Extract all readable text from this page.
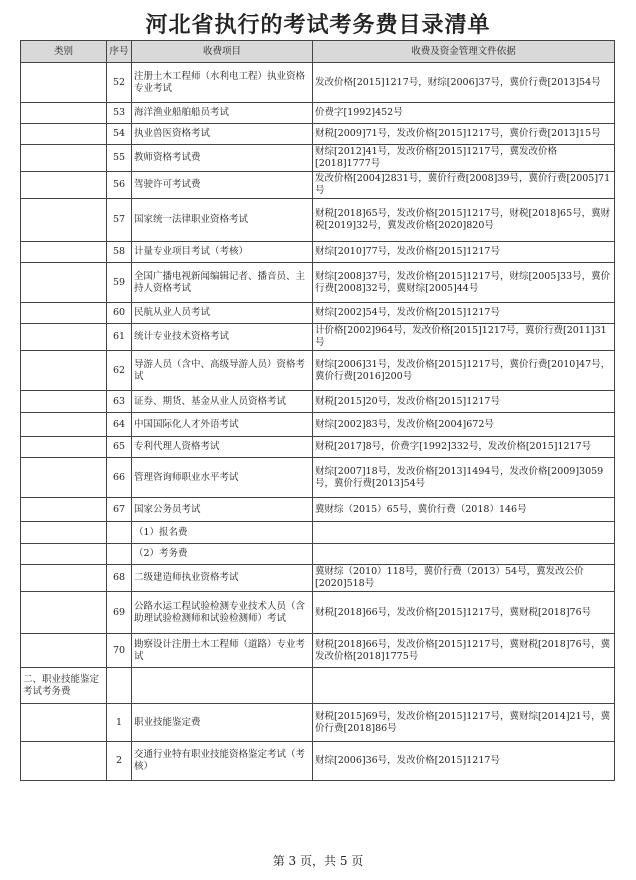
河北省执行的考试考务费目录清单
类别	序号	收费项目	收费及资金管理文件依据
	52	注册土木工程师（水利电工程）执业资格专业考试	发改价格[2015]1217号，财综[2006]37号，冀价行费[2013]54号
	53	海洋渔业船舶船员考试	价费字[1992]452号
	54	执业兽医资格考试	财税[2009]71号，发改价格[2015]1217号，冀价行费[2013]15号
	55	教师资格考试费	财综[2012]41号，发改价格[2015]1217号，冀发改价格[2018]1777号
	56	驾驶许可考试费	发改价格[2004]2831号，冀价行费[2008]39号，冀价行费[2005]71号
	57	国家统一法律职业资格考试	财税[2018]65号，发改价格[2015]1217号，财税[2018]65号，冀财税[2019]32号，冀发改价格[2020]820号
	58	计量专业项目考试（考核）	财综[2010]77号，发改价格[2015]1217号
	59	全国广播电视新闻编辑记者、播音员、主持人资格考试	财综[2008]37号，发改价格[2015]1217号，财综[2005]33号，冀价行费[2008]32号，冀财综[2005]44号
	60	民航从业人员考试	财综[2002]54号，发改价格[2015]1217号
	61	统计专业技术资格考试	计价格[2002]964号，发改价格[2015]1217号，冀价行费[2011]31号
	62	导游人员（含中、高级导游人员）资格考试	财综[2006]31号，发改价格[2015]1217号，冀价行费[2010]47号，冀价行费[2016]200号
	63	证券、期货、基金从业人员资格考试	财税[2015]20号，发改价格[2015]1217号
	64	中国国际化人才外语考试	财综[2002]83号，发改价格[2004]672号
	65	专利代理人资格考试	财税[2017]8号，价费字[1992]332号，发改价格[2015]1217号
	66	管理咨询师职业水平考试	财综[2007]18号，发改价格[2013]1494号，发改价格[2009]3059号，冀价行费[2013]54号
	67	国家公务员考试	冀财综（2015）65号，冀价行费（2018）146号
		（1）报名费	
		（2）考务费	
	68	二级建造师执业资格考试	冀财综（2010）118号，冀价行费（2013）54号，冀发改公价[2020]518号
	69	公路水运工程试验检测专业技术人员（含助理试验检测师和试验检测师）考试	财税[2018]66号，发改价格[2015]1217号，冀财税[2018]76号
	70	勘察设计注册土木工程师（道路）专业考试	财税[2018]66号，发改价格[2015]1217号，冀财税[2018]76号，冀发改价格[2018]1775号
二、职业技能鉴定考试考务费			
	1	职业技能鉴定费	财税[2015]69号，发改价格[2015]1217号，冀财综[2014]21号，冀价行费[2018]86号
	2	交通行业特有职业技能资格鉴定考试（考核）	财综[2006]36号，发改价格[2015]1217号
第 3 页，共 5 页
